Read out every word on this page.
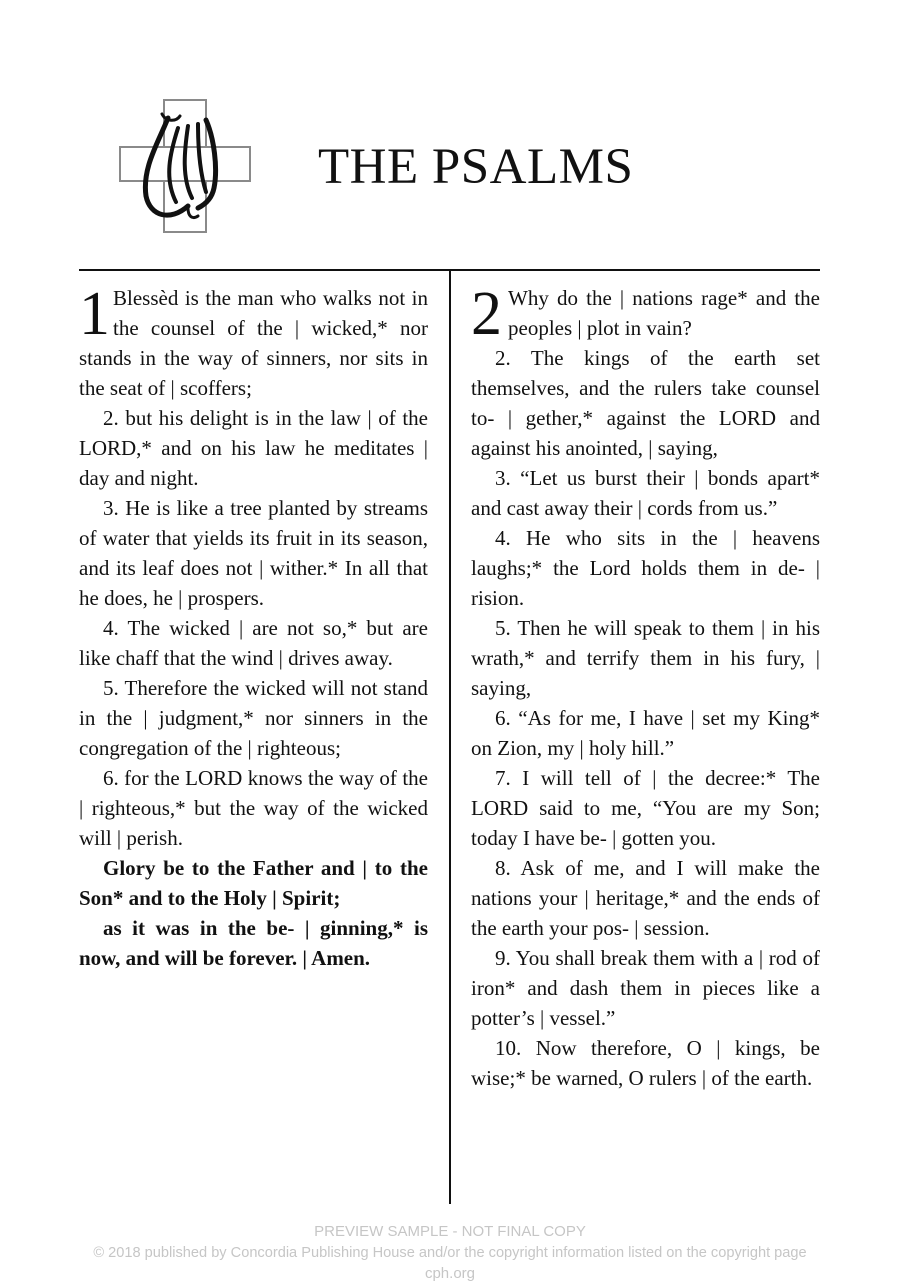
THE PSALMS

1 Blessèd is the man who walks not in the counsel of the | wicked,* nor stands in the way of sinners, nor sits in the seat of | scoffers;

2. but his delight is in the law | of the LORD,* and on his law he meditates | day and night.

3. He is like a tree planted by streams of water that yields its fruit in its season, and its leaf does not | wither.* In all that he does, he | prospers.

4. The wicked | are not so,* but are like chaff that the wind | drives away.

5. Therefore the wicked will not stand in the | judgment,* nor sinners in the congregation of the | righteous;

6. for the LORD knows the way of the | righteous,* but the way of the wicked will | perish.

Glory be to the Father and | to the Son* and to the Holy | Spirit;

as it was in the be- | ginning,* is now, and will be forever. | Amen.

2 Why do the | nations rage* and the peoples | plot in vain?

2. The kings of the earth set themselves, and the rulers take counsel to- | gether,* against the LORD and against his anointed, | saying,

3. “Let us burst their | bonds apart* and cast away their | cords from us.”

4. He who sits in the | heavens laughs;* the Lord holds them in de- | rision.

5. Then he will speak to them | in his wrath,* and terrify them in his fury, | saying,

6. “As for me, I have | set my King* on Zion, my | holy hill.”

7. I will tell of | the decree:* The LORD said to me, “You are my Son; today I have be- | gotten you.

8. Ask of me, and I will make the nations your | heritage,* and the ends of the earth your pos- | session.

9. You shall break them with a | rod of iron* and dash them in pieces like a potter’s | vessel.”

10. Now therefore, O | kings, be wise;* be warned, O rulers | of the earth.

PREVIEW SAMPLE - NOT FINAL COPY
© 2018 published by Concordia Publishing House and/or the copyright information listed on the copyright page
cph.org
